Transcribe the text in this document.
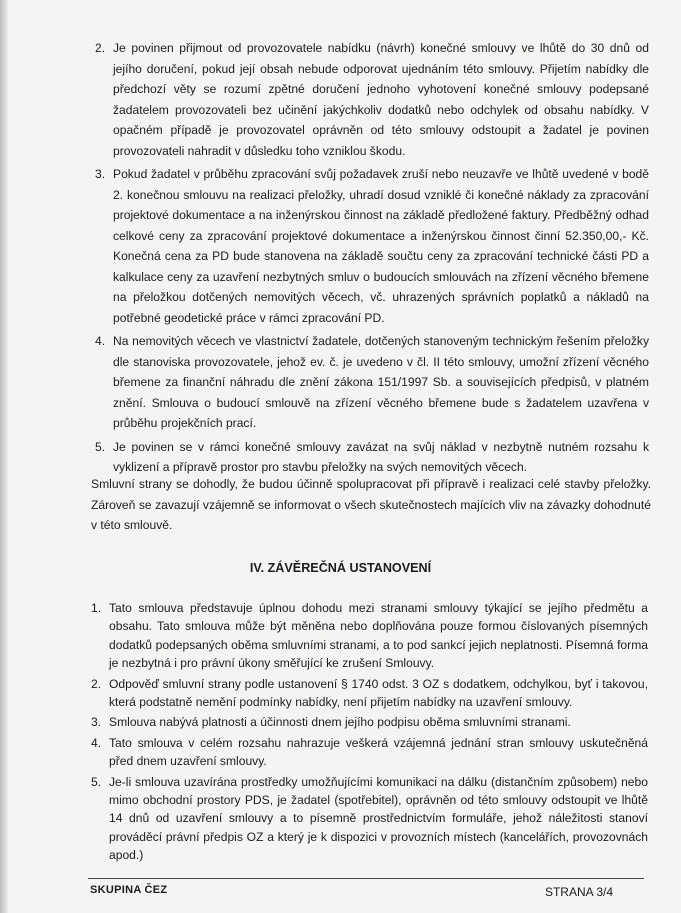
2. Je povinen přijmout od provozovatele nabídku (návrh) konečné smlouvy ve lhůtě do 30 dnů od jejího doručení, pokud její obsah nebude odporovat ujednáním této smlouvy. Přijetím nabídky dle předchozí věty se rozumí zpětné doručení jednoho vyhotovení konečné smlouvy podepsané žadatelem provozovateli bez učinění jakýchkoliv dodatků nebo odchylek od obsahu nabídky. V opačném případě je provozovatel oprávněn od této smlouvy odstoupit a žadatel je povinen provozovateli nahradit v důsledku toho vzniklou škodu.
3. Pokud žadatel v průběhu zpracování svůj požadavek zruší nebo neuzavře ve lhůtě uvedené v bodě 2. konečnou smlouvu na realizaci přeložky, uhradí dosud vzniklé či konečné náklady za zpracování projektové dokumentace a na inženýrskou činnost na základě předložené faktury. Předběžný odhad celkové ceny za zpracování projektové dokumentace a inženýrskou činnost činní 52.350,00,- Kč. Konečná cena za PD bude stanovena na základě součtu ceny za zpracování technické části PD a kalkulace ceny za uzavření nezbytných smluv o budoucích smlouvách na zřízení věcného břemene na přeložkou dotčených nemovitých věcech, vč. uhrazených správních poplatků a nákladů na potřebné geodetické práce v rámci zpracování PD.
4. Na nemovitých věcech ve vlastnictví žadatele, dotčených stanoveným technickým řešením přeložky dle stanoviska provozovatele, jehož ev. č. je uvedeno v čl. II této smlouvy, umožní zřízení věcného břemene za finanční náhradu dle znění zákona 151/1997 Sb. a souvisejících předpisů, v platném znění. Smlouva o budoucí smlouvě na zřízení věcného břemene bude s žadatelem uzavřena v průběhu projekčních prací.
5. Je povinen se v rámci konečné smlouvy zavázat na svůj náklad v nezbytně nutném rozsahu k vyklizení a přípravě prostor pro stavbu přeložky na svých nemovitých věcech.

Smluvní strany se dohodly, že budou účinně spolupracovat při přípravě i realizaci celé stavby přeložky. Zároveň se zavazují vzájemně se informovat o všech skutečnostech majících vliv na závazky dohodnuté v této smlouvě.

IV. ZÁVĚREČNÁ USTANOVENÍ
1. Tato smlouva představuje úplnou dohodu mezi stranami smlouvy týkající se jejího předmětu a obsahu. Tato smlouva může být měněna nebo doplňována pouze formou číslovaných písemných dodatků podepsaných oběma smluvními stranami, a to pod sankcí jejich neplatnosti. Písemná forma je nezbytná i pro právní úkony směřující ke zrušení Smlouvy.
2. Odpověď smluvní strany podle ustanovení § 1740 odst. 3 OZ s dodatkem, odchylkou, byť i takovou, která podstatně nemění podmínky nabídky, není přijetím nabídky na uzavření smlouvy.
3. Smlouva nabývá platnosti a účinnosti dnem jejího podpisu oběma smluvními stranami.
4. Tato smlouva v celém rozsahu nahrazuje veškerá vzájemná jednání stran smlouvy uskutečněná před dnem uzavření smlouvy.
5. Je-li smlouva uzavírána prostředky umožňujícími komunikaci na dálku (distančním způsobem) nebo mimo obchodní prostory PDS, je žadatel (spotřebitel), oprávněn od této smlouvy odstoupit ve lhůtě 14 dnů od uzavření smlouvy a to písemně prostřednictvím formuláře, jehož náležitosti stanoví prováděcí právní předpis OZ a který je k dispozici v provozních místech (kancelářích, provozovnách apod.)
SKUPINA ČEZ	STRANA 3/4
